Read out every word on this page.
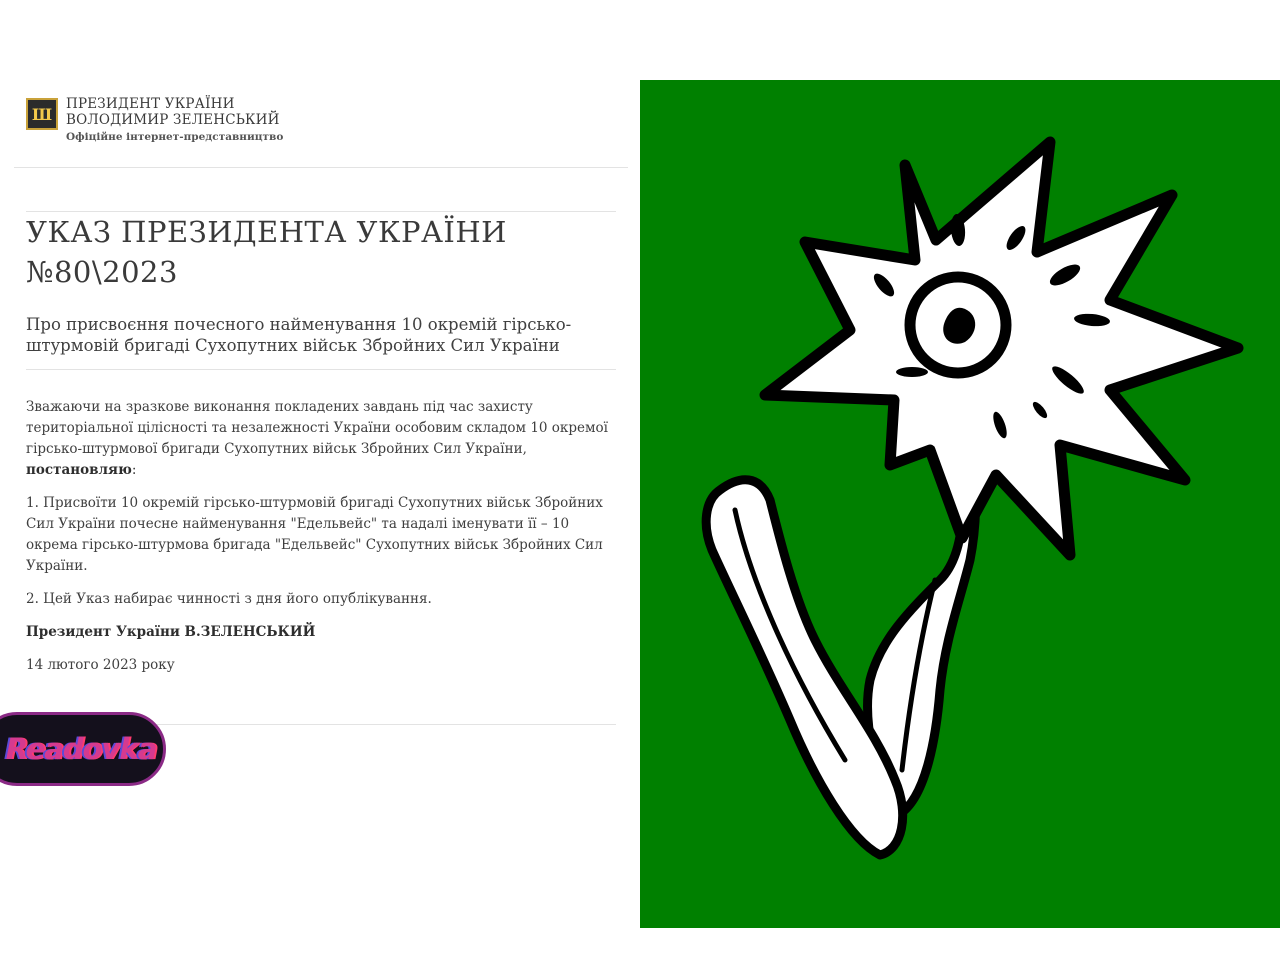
Ш
ПРЕЗИДЕНТ УКРАЇНИ
ВОЛОДИМИР ЗЕЛЕНСЬКИЙ
Офіційне інтернет-представництво
УКАЗ ПРЕЗИДЕНТА УКРАЇНИ
№80\2023
Про присвоєння почесного найменування 10 окремій гірсько-штурмовій бригаді Сухопутних військ Збройних Сил України

Зважаючи на зразкове виконання покладених завдань під час захисту територіальної цілісності та незалежності України особовим складом 10 окремої гірсько-штурмової бригади Сухопутних військ Збройних Сил України, постановляю:

1. Присвоїти 10 окремій гірсько-штурмовій бригаді Сухопутних військ Збройних Сил України почесне найменування "Едельвейс" та надалі іменувати її – 10 окрема гірсько-штурмова бригада "Едельвейс" Сухопутних військ Збройних Сил України.

2. Цей Указ набирає чинності з дня його опублікування.

Президент України В.ЗЕЛЕНСЬКИЙ

14 лютого 2023 року

Readovka
